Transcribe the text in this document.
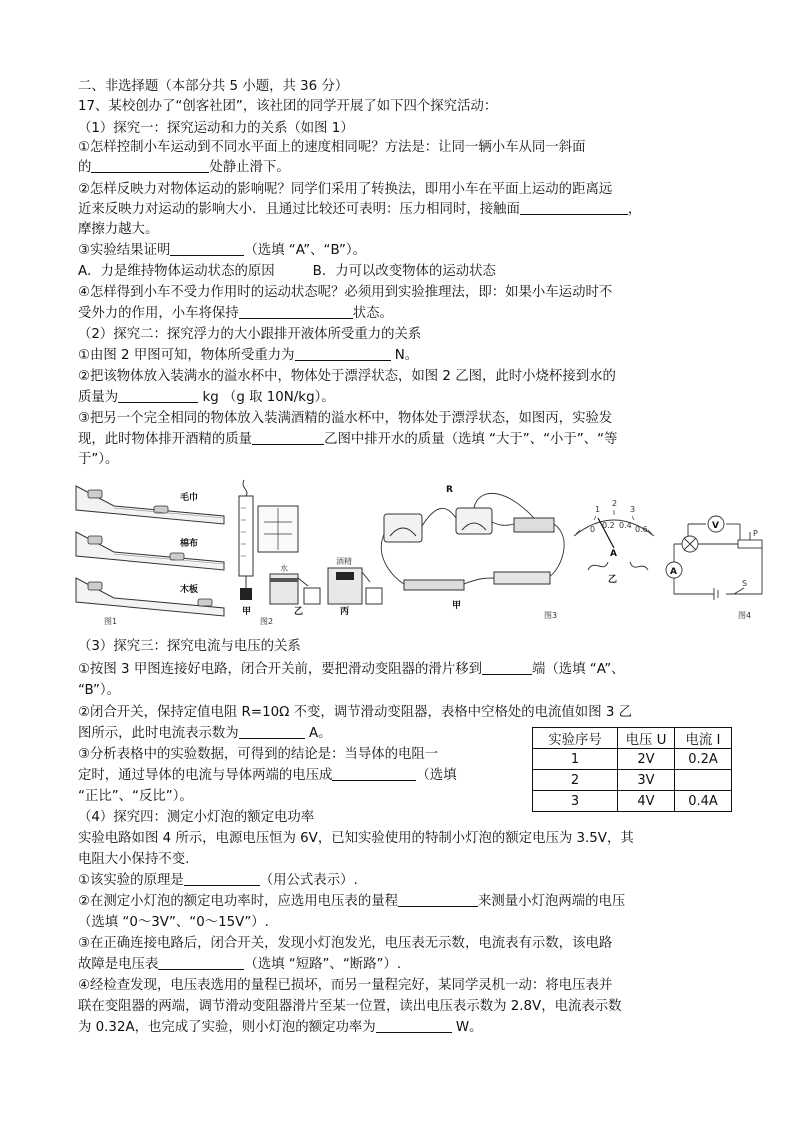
二、非选择题（本部分共 5 小题，共 36 分）
17、某校创办了“创客社团”，该社团的同学开展了如下四个探究活动：
（1）探究一：探究运动和力的关系（如图 1）
①怎样控制小车运动到不同水平面上的速度相同呢？方法是：让同一辆小车从同一斜面
的	处静止滑下。
②怎样反映力对物体运动的影响呢？同学们采用了转换法，即用小车在平面上运动的距离远
近来反映力对运动的影响大小．且通过比较还可表明：压力相同时，接触面	，
摩擦力越大。
③实验结果证明	（选填 “A”、“B”）。
A．力是维持物体运动状态的原因	B．力可以改变物体的运动状态
④怎样得到小车不受力作用时的运动状态呢？必须用到实验推理法，即：如果小车运动时不
受外力的作用，小车将保持	状态。
（2）探究二：探究浮力的大小跟排开液体所受重力的关系
①由图 2 甲图可知，物体所受重力为	N。
②把该物体放入装满水的溢水杯中，物体处于漂浮状态，如图 2 乙图，此时小烧杯接到水的
质量为	kg （g 取 10N/kg）。
③把另一个完全相同的物体放入装满酒精的溢水杯中，物体处于漂浮状态，如图丙，实验发
现，此时物体排开酒精的质量	乙图中排开水的质量（选填 “大于”、“小于”、“等
于”）。
毛巾
棉布
木板
图1
甲
水
乙
酒精
丙
图2
R
甲
0 0.2 0.4 0.6
1
2
3
A
乙
图3
V
A
P
S
图4
（3）探究三：探究电流与电压的关系
①按图 3 甲图连接好电路，闭合开关前，要把滑动变阻器的滑片移到	端（选填 “A”、
“B”）。
②闭合开关，保持定值电阻 R=10Ω 不变，调节滑动变阻器，表格中空格处的电流值如图 3 乙
图所示，此时电流表示数为	A。
③分析表格中的实验数据，可得到的结论是：当导体的电阻一
定时，通过导体的电流与导体两端的电压成	（选填
“正比”、“反比”）。
实验序号	电压 U	电流 I
1	2V	0.2A
2	3V	
3	4V	0.4A
（4）探究四：测定小灯泡的额定电功率
实验电路如图 4 所示，电源电压恒为 6V，已知实验使用的特制小灯泡的额定电压为 3.5V，其
电阻大小保持不变.
①该实验的原理是	（用公式表示）.
②在测定小灯泡的额定电功率时，应选用电压表的量程	来测量小灯泡两端的电压
（选填 “0～3V”、“0～15V”）.
③在正确连接电路后，闭合开关，发现小灯泡发光，电压表无示数，电流表有示数，该电路
故障是电压表	（选填 “短路”、“断路”）.
④经检查发现，电压表选用的量程已损坏，而另一量程完好，某同学灵机一动：将电压表并
联在变阻器的两端，调节滑动变阻器滑片至某一位置，读出电压表示数为 2.8V，电流表示数
为 0.32A，也完成了实验，则小灯泡的额定功率为	W。
